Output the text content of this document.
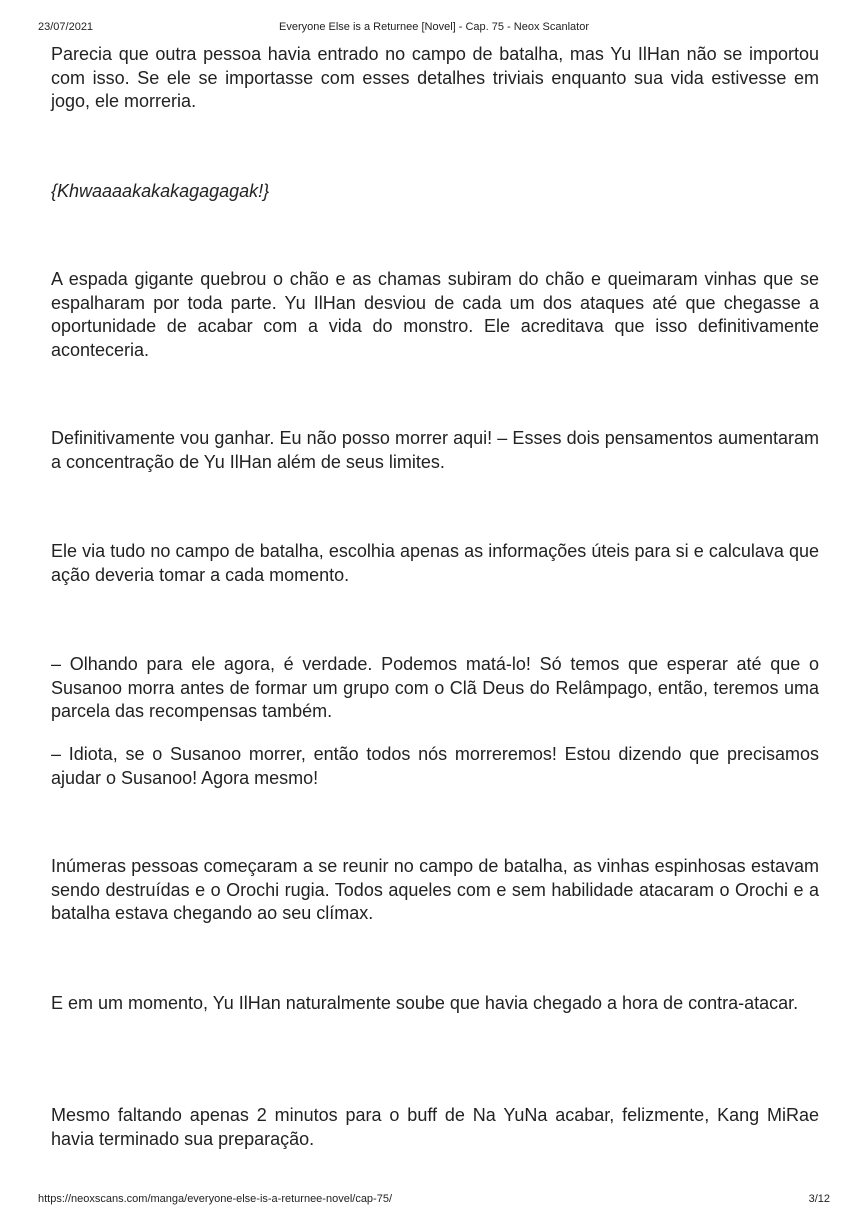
23/07/2021	Everyone Else is a Returnee [Novel] - Cap. 75 - Neox Scanlator

Parecia que outra pessoa havia entrado no campo de batalha, mas Yu IlHan não se importou com isso. Se ele se importasse com esses detalhes triviais enquanto sua vida estivesse em jogo, ele morreria.

{Khwaaaakakakagagagak!}

A espada gigante quebrou o chão e as chamas subiram do chão e queimaram vinhas que se espalharam por toda parte. Yu IlHan desviou de cada um dos ataques até que chegasse a oportunidade de acabar com a vida do monstro. Ele acreditava que isso definitivamente aconteceria.

Definitivamente vou ganhar. Eu não posso morrer aqui! – Esses dois pensamentos aumentaram a concentração de Yu IlHan além de seus limites.

Ele via tudo no campo de batalha, escolhia apenas as informações úteis para si e calculava que ação deveria tomar a cada momento.

– Olhando para ele agora, é verdade. Podemos matá-lo! Só temos que esperar até que o Susanoo morra antes de formar um grupo com o Clã Deus do Relâmpago, então, teremos uma parcela das recompensas também.

– Idiota, se o Susanoo morrer, então todos nós morreremos! Estou dizendo que precisamos ajudar o Susanoo! Agora mesmo!

Inúmeras pessoas começaram a se reunir no campo de batalha, as vinhas espinhosas estavam sendo destruídas e o Orochi rugia. Todos aqueles com e sem habilidade atacaram o Orochi e a batalha estava chegando ao seu clímax.

E em um momento, Yu IlHan naturalmente soube que havia chegado a hora de contra-atacar.

Mesmo faltando apenas 2 minutos para o buff de Na YuNa acabar, felizmente, Kang MiRae havia terminado sua preparação.

https://neoxscans.com/manga/everyone-else-is-a-returnee-novel/cap-75/	3/12
